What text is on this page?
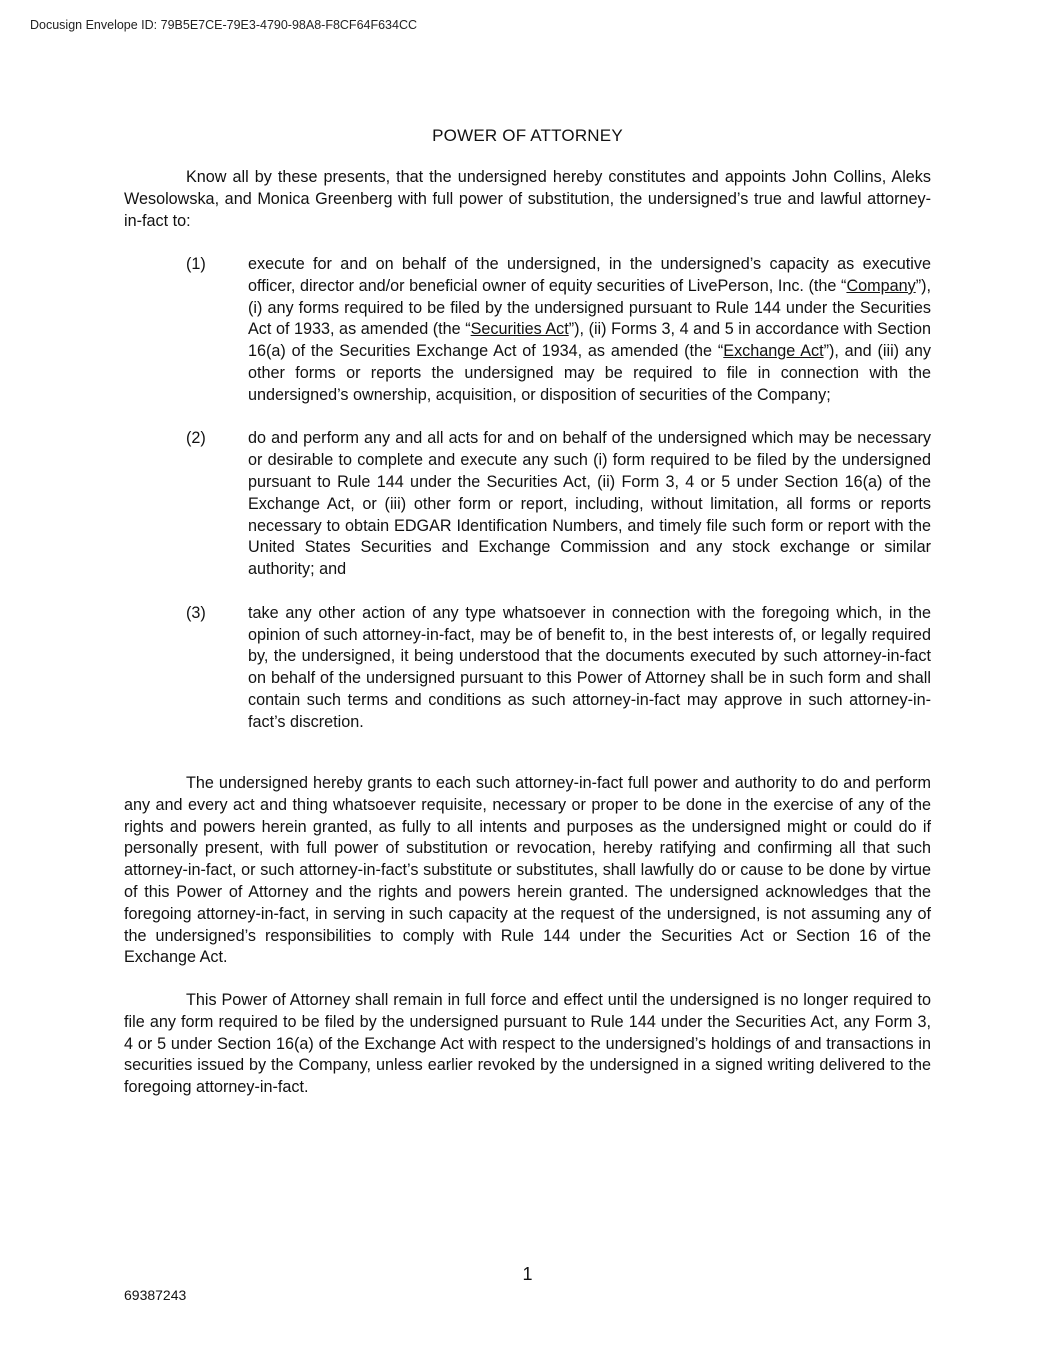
Docusign Envelope ID: 79B5E7CE-79E3-4790-98A8-F8CF64F634CC
POWER OF ATTORNEY

Know all by these presents, that the undersigned hereby constitutes and appoints John Collins, Aleks Wesolowska, and Monica Greenberg with full power of substitution, the undersigned’s true and lawful attorney-in-fact to:

(1)	execute for and on behalf of the undersigned, in the undersigned’s capacity as executive officer, director and/or beneficial owner of equity securities of LivePerson, Inc. (the “Company”), (i) any forms required to be filed by the undersigned pursuant to Rule 144 under the Securities Act of 1933, as amended (the “Securities Act”), (ii) Forms 3, 4 and 5 in accordance with Section 16(a) of the Securities Exchange Act of 1934, as amended (the “Exchange Act”), and (iii) any other forms or reports the undersigned may be required to file in connection with the undersigned’s ownership, acquisition, or disposition of securities of the Company;
(2)	do and perform any and all acts for and on behalf of the undersigned which may be necessary or desirable to complete and execute any such (i) form required to be filed by the undersigned pursuant to Rule 144 under the Securities Act, (ii) Form 3, 4 or 5 under Section 16(a) of the Exchange Act, or (iii) other form or report, including, without limitation, all forms or reports necessary to obtain EDGAR Identification Numbers, and timely file such form or report with the United States Securities and Exchange Commission and any stock exchange or similar authority; and
(3)	take any other action of any type whatsoever in connection with the foregoing which, in the opinion of such attorney-in-fact, may be of benefit to, in the best interests of, or legally required by, the undersigned, it being understood that the documents executed by such attorney-in-fact on behalf of the undersigned pursuant to this Power of Attorney shall be in such form and shall contain such terms and conditions as such attorney-in-fact may approve in such attorney-in-fact’s discretion.

The undersigned hereby grants to each such attorney-in-fact full power and authority to do and perform any and every act and thing whatsoever requisite, necessary or proper to be done in the exercise of any of the rights and powers herein granted, as fully to all intents and purposes as the undersigned might or could do if personally present, with full power of substitution or revocation, hereby ratifying and confirming all that such attorney-in-fact, or such attorney-in-fact’s substitute or substitutes, shall lawfully do or cause to be done by virtue of this Power of Attorney and the rights and powers herein granted. The undersigned acknowledges that the foregoing attorney-in-fact, in serving in such capacity at the request of the undersigned, is not assuming any of the undersigned’s responsibilities to comply with Rule 144 under the Securities Act or Section 16 of the Exchange Act.

This Power of Attorney shall remain in full force and effect until the undersigned is no longer required to file any form required to be filed by the undersigned pursuant to Rule 144 under the Securities Act, any Form 3, 4 or 5 under Section 16(a) of the Exchange Act with respect to the undersigned’s holdings of and transactions in securities issued by the Company, unless earlier revoked by the undersigned in a signed writing delivered to the foregoing attorney-in-fact.

1
69387243
